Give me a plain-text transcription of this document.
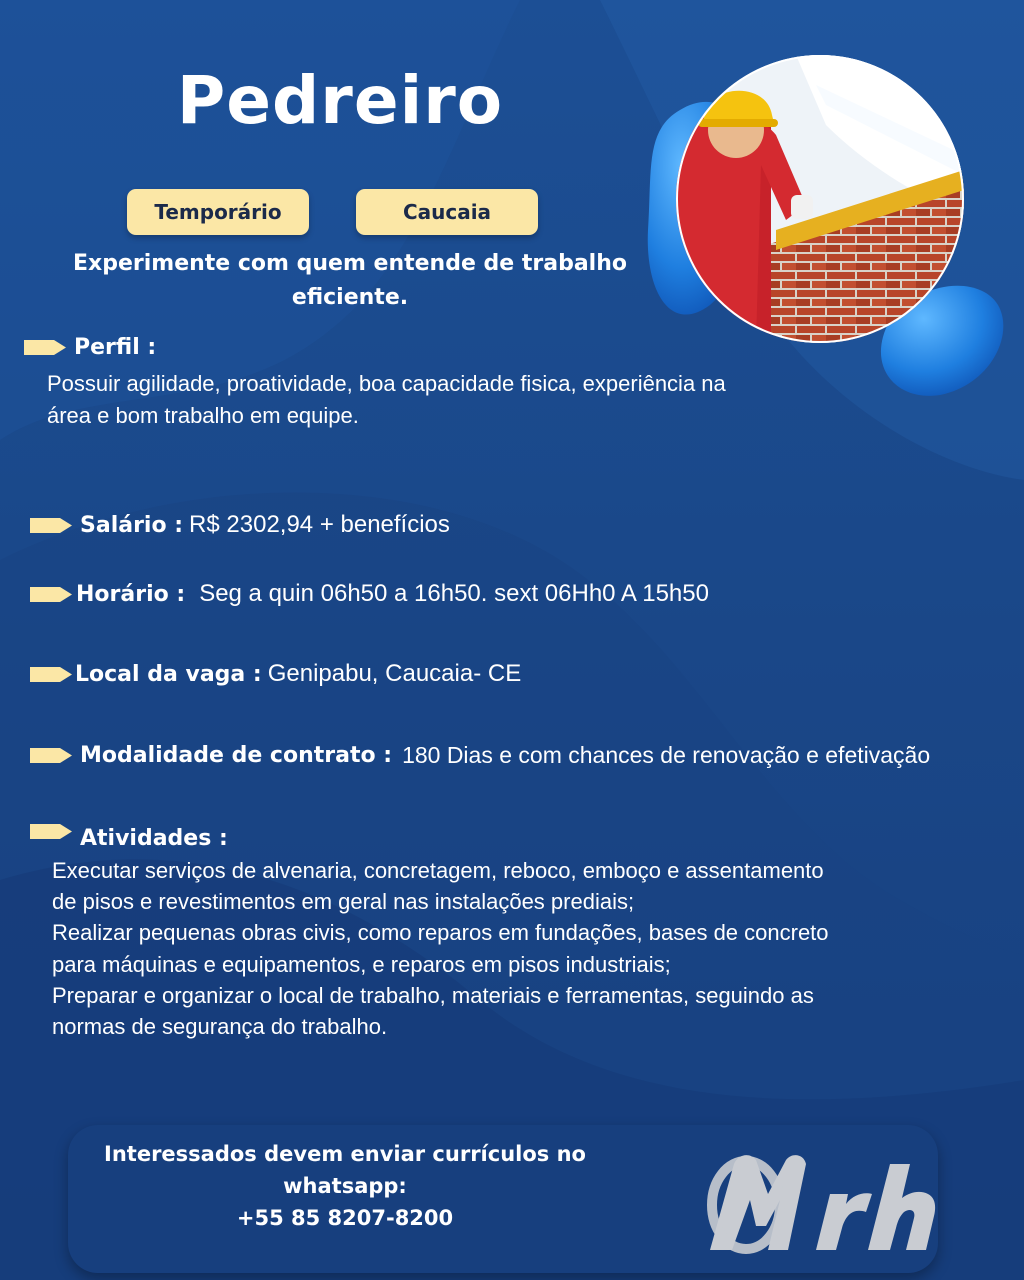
Pedreiro
Temporário	Caucaia
Experimente com quem entende de trabalho
eficiente.
Perfil :
Possuir agilidade, proatividade, boa capacidade fisica, experiência na
área e bom trabalho em equipe.
Salário : R$ 2302,94 + benefícios
Horário : Seg a quin 06h50 a 16h50. sext 06Hh0 A 15h50
Local da vaga : Genipabu, Caucaia- CE
Modalidade de contrato : 180 Dias e com chances de renovação e efetivação
Atividades :
Executar serviços de alvenaria, concretagem, reboco, emboço e assentamento
de pisos e revestimentos em geral nas instalações prediais;
Realizar pequenas obras civis, como reparos em fundações, bases de concreto
para máquinas e equipamentos, e reparos em pisos industriais;
Preparar e organizar o local de trabalho, materiais e ferramentas, seguindo as
normas de segurança do trabalho.
Interessados devem enviar currículos no
whatsapp:
+55 85 8207-8200
